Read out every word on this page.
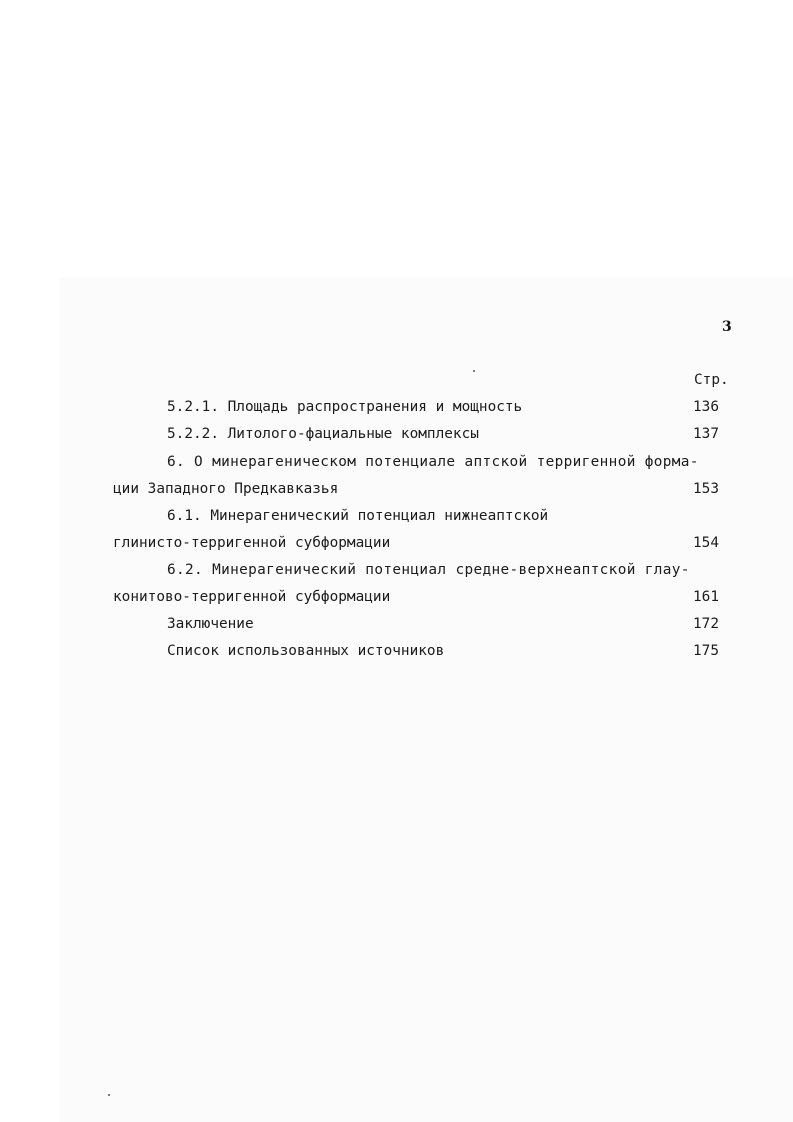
3
Стр.
5.2.1. Площадь распространения и мощность	136
5.2.2. Литолого-фациальные комплексы	137
6. О минерагеническом потенциале аптской терригенной форма-
ции Западного Предкавказья	153
6.1. Минерагенический потенциал нижнеаптской
глинисто-терригенной субформации	154
6.2. Минерагенический потенциал средне-верхнеаптской глау-
конитово-терригенной субформации	161
Заключение	172
Список использованных источников	175
